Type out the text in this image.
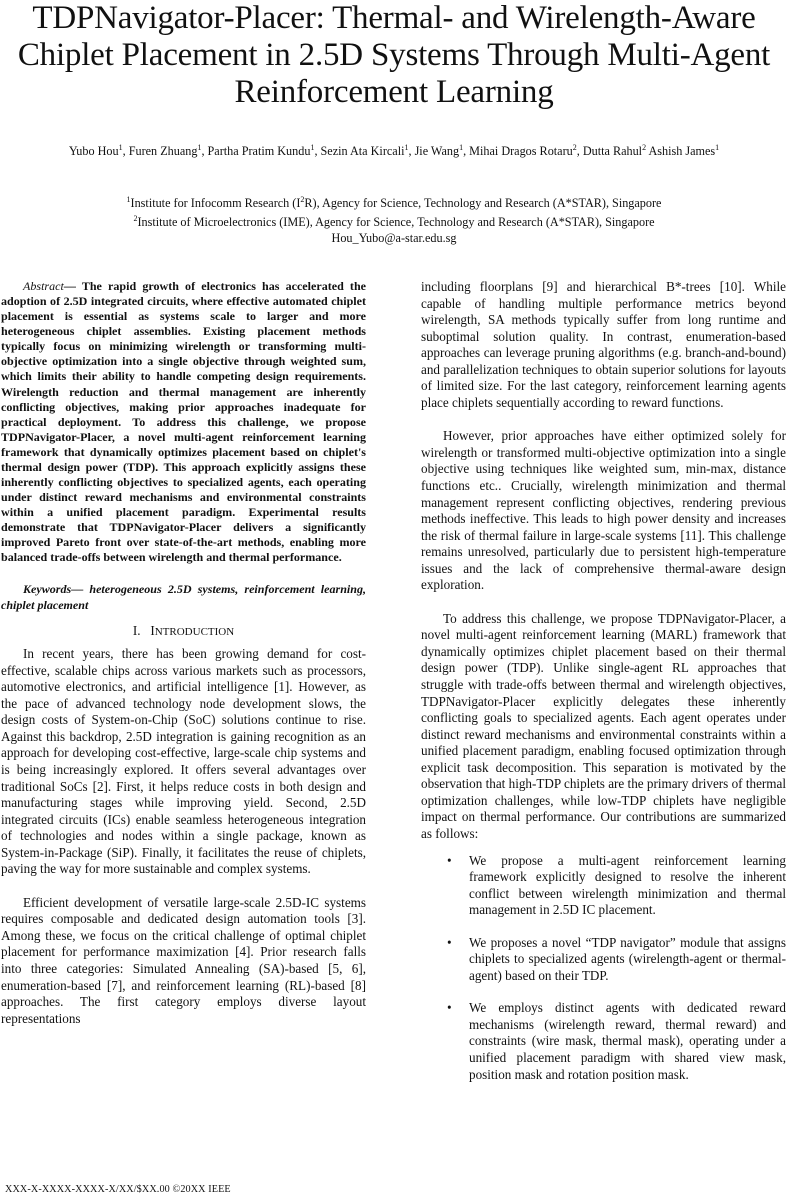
TDPNavigator-Placer: Thermal- and Wirelength-Aware Chiplet Placement in 2.5D Systems Through Multi-Agent Reinforcement Learning
Yubo Hou$^1$, Furen Zhuang$^1$, Partha Pratim Kundu$^1$, Sezin Ata Kircali$^1$, Jie Wang$^1$, Mihai Dragos Rotaru$^2$, Dutta Rahul$^2$ Ashish James$^1$
$^1$Institute for Infocomm Research $(I^2R)$, Agency for Science, Technology and Research (A*STAR), Singapore
$^2$Institute of Microelectronics (IME), Agency for Science, Technology and Research (A*STAR), Singapore
Hou_Yubo@a-star.edu.sg

Abstract— The rapid growth of electronics has accelerated the adoption of 2.5D integrated circuits, where effective automated chiplet placement is essential as systems scale to larger and more heterogeneous chiplet assemblies. Existing placement methods typically focus on minimizing wirelength or transforming multi-objective optimization into a single objective through weighted sum, which limits their ability to handle competing design requirements. Wirelength reduction and thermal management are inherently conflicting objectives, making prior approaches inadequate for practical deployment. To address this challenge, we propose TDPNavigator-Placer, a novel multi-agent reinforcement learning framework that dynamically optimizes placement based on chiplet's thermal design power (TDP). This approach explicitly assigns these inherently conflicting objectives to specialized agents, each operating under distinct reward mechanisms and environmental constraints within a unified placement paradigm. Experimental results demonstrate that TDPNavigator-Placer delivers a significantly improved Pareto front over state-of-the-art methods, enabling more balanced trade-offs between wirelength and thermal performance.

Keywords— heterogeneous 2.5D systems, reinforcement learning, chiplet placement

I. INTRODUCTION

In recent years, there has been growing demand for cost-effective, scalable chips across various markets such as processors, automotive electronics, and artificial intelligence [1]. However, as the pace of advanced technology node development slows, the design costs of System-on-Chip (SoC) solutions continue to rise. Against this backdrop, 2.5D integration is gaining recognition as an approach for developing cost-effective, large-scale chip systems and is being increasingly explored. It offers several advantages over traditional SoCs [2]. First, it helps reduce costs in both design and manufacturing stages while improving yield. Second, 2.5D integrated circuits (ICs) enable seamless heterogeneous integration of technologies and nodes within a single package, known as System-in-Package (SiP). Finally, it facilitates the reuse of chiplets, paving the way for more sustainable and complex systems.

Efficient development of versatile large-scale 2.5D-IC systems requires composable and dedicated design automation tools [3]. Among these, we focus on the critical challenge of optimal chiplet placement for performance maximization [4]. Prior research falls into three categories: Simulated Annealing (SA)-based [5, 6], enumeration-based [7], and reinforcement learning (RL)-based [8] approaches. The first category employs diverse layout representations

including floorplans [9] and hierarchical B*-trees [10]. While capable of handling multiple performance metrics beyond wirelength, SA methods typically suffer from long runtime and suboptimal solution quality. In contrast, enumeration-based approaches can leverage pruning algorithms (e.g. branch-and-bound) and parallelization techniques to obtain superior solutions for layouts of limited size. For the last category, reinforcement learning agents place chiplets sequentially according to reward functions.

However, prior approaches have either optimized solely for wirelength or transformed multi-objective optimization into a single objective using techniques like weighted sum, min-max, distance functions etc.. Crucially, wirelength minimization and thermal management represent conflicting objectives, rendering previous methods ineffective. This leads to high power density and increases the risk of thermal failure in large-scale systems [11]. This challenge remains unresolved, particularly due to persistent high-temperature issues and the lack of comprehensive thermal-aware design exploration.

To address this challenge, we propose TDPNavigator-Placer, a novel multi-agent reinforcement learning (MARL) framework that dynamically optimizes chiplet placement based on their thermal design power (TDP). Unlike single-agent RL approaches that struggle with trade-offs between thermal and wirelength objectives, TDPNavigator-Placer explicitly delegates these inherently conflicting goals to specialized agents. Each agent operates under distinct reward mechanisms and environmental constraints within a unified placement paradigm, enabling focused optimization through explicit task decomposition. This separation is motivated by the observation that high-TDP chiplets are the primary drivers of thermal optimization challenges, while low-TDP chiplets have negligible impact on thermal performance. Our contributions are summarized as follows:

• We propose a multi-agent reinforcement learning framework explicitly designed to resolve the inherent conflict between wirelength minimization and thermal management in 2.5D IC placement.
• We proposes a novel “TDP navigator” module that assigns chiplets to specialized agents (wirelength-agent or thermal-agent) based on their TDP.
• We employs distinct agents with dedicated reward mechanisms (wirelength reward, thermal reward) and constraints (wire mask, thermal mask), operating under a unified placement paradigm with shared view mask, position mask and rotation position mask.
XXX-X-XXXX-XXXX-X/XX/$XX.00 ©20XX IEEE
